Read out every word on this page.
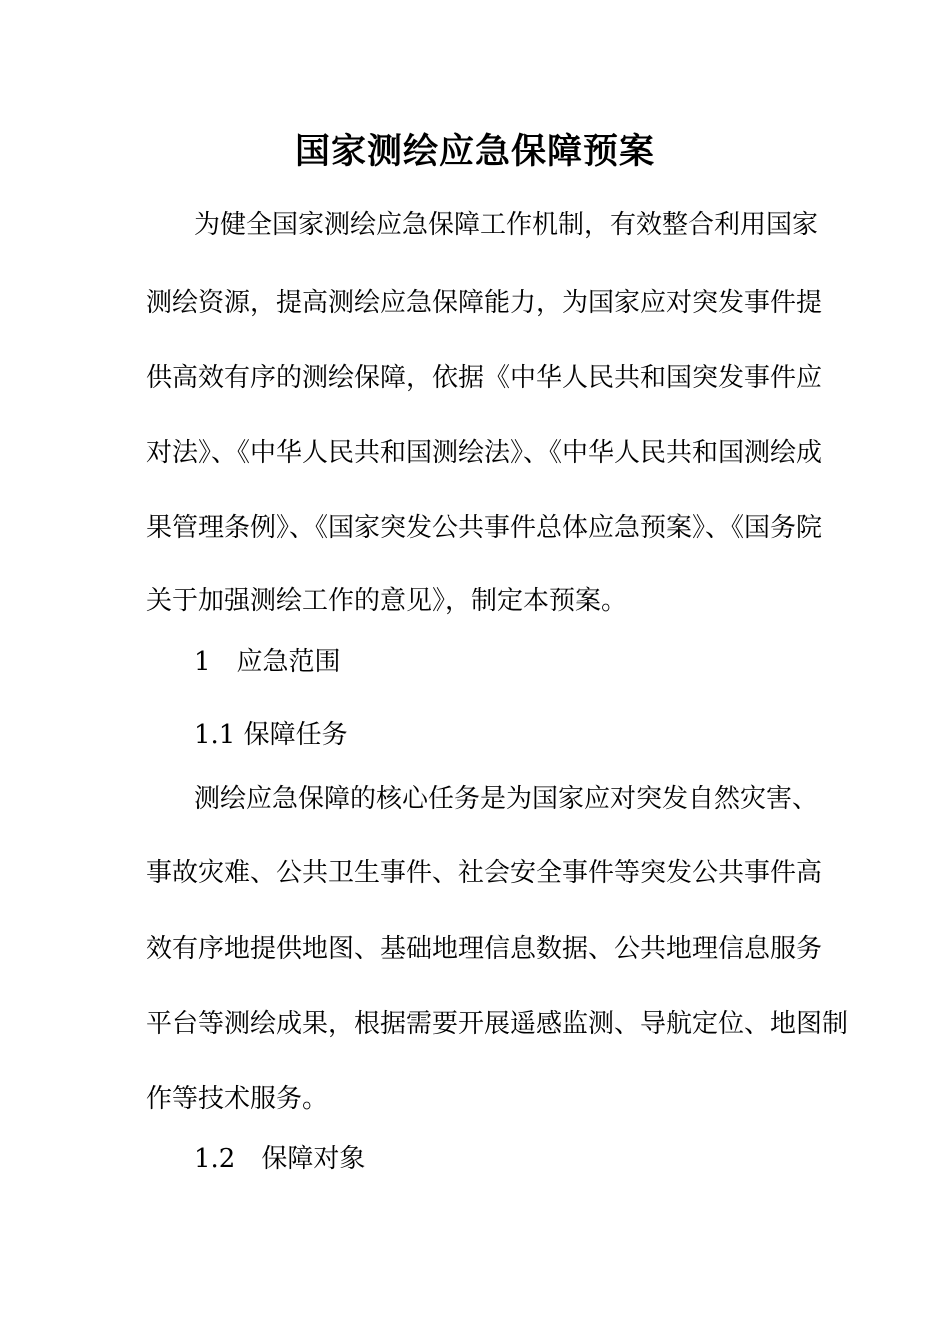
国家测绘应急保障预案
为健全国家测绘应急保障工作机制，有效整合利用国家
测绘资源，提高测绘应急保障能力，为国家应对突发事件提
供高效有序的测绘保障，依据《中华人民共和国突发事件应
对法》、《中华人民共和国测绘法》、《中华人民共和国测绘成
果管理条例》、《国家突发公共事件总体应急预案》、《国务院
关于加强测绘工作的意见》，制定本预案。
1　应急范围
1.1 保障任务
测绘应急保障的核心任务是为国家应对突发自然灾害、
事故灾难、公共卫生事件、社会安全事件等突发公共事件高
效有序地提供地图、基础地理信息数据、公共地理信息服务
平台等测绘成果，根据需要开展遥感监测、导航定位、地图制
作等技术服务。
1.2　保障对象
